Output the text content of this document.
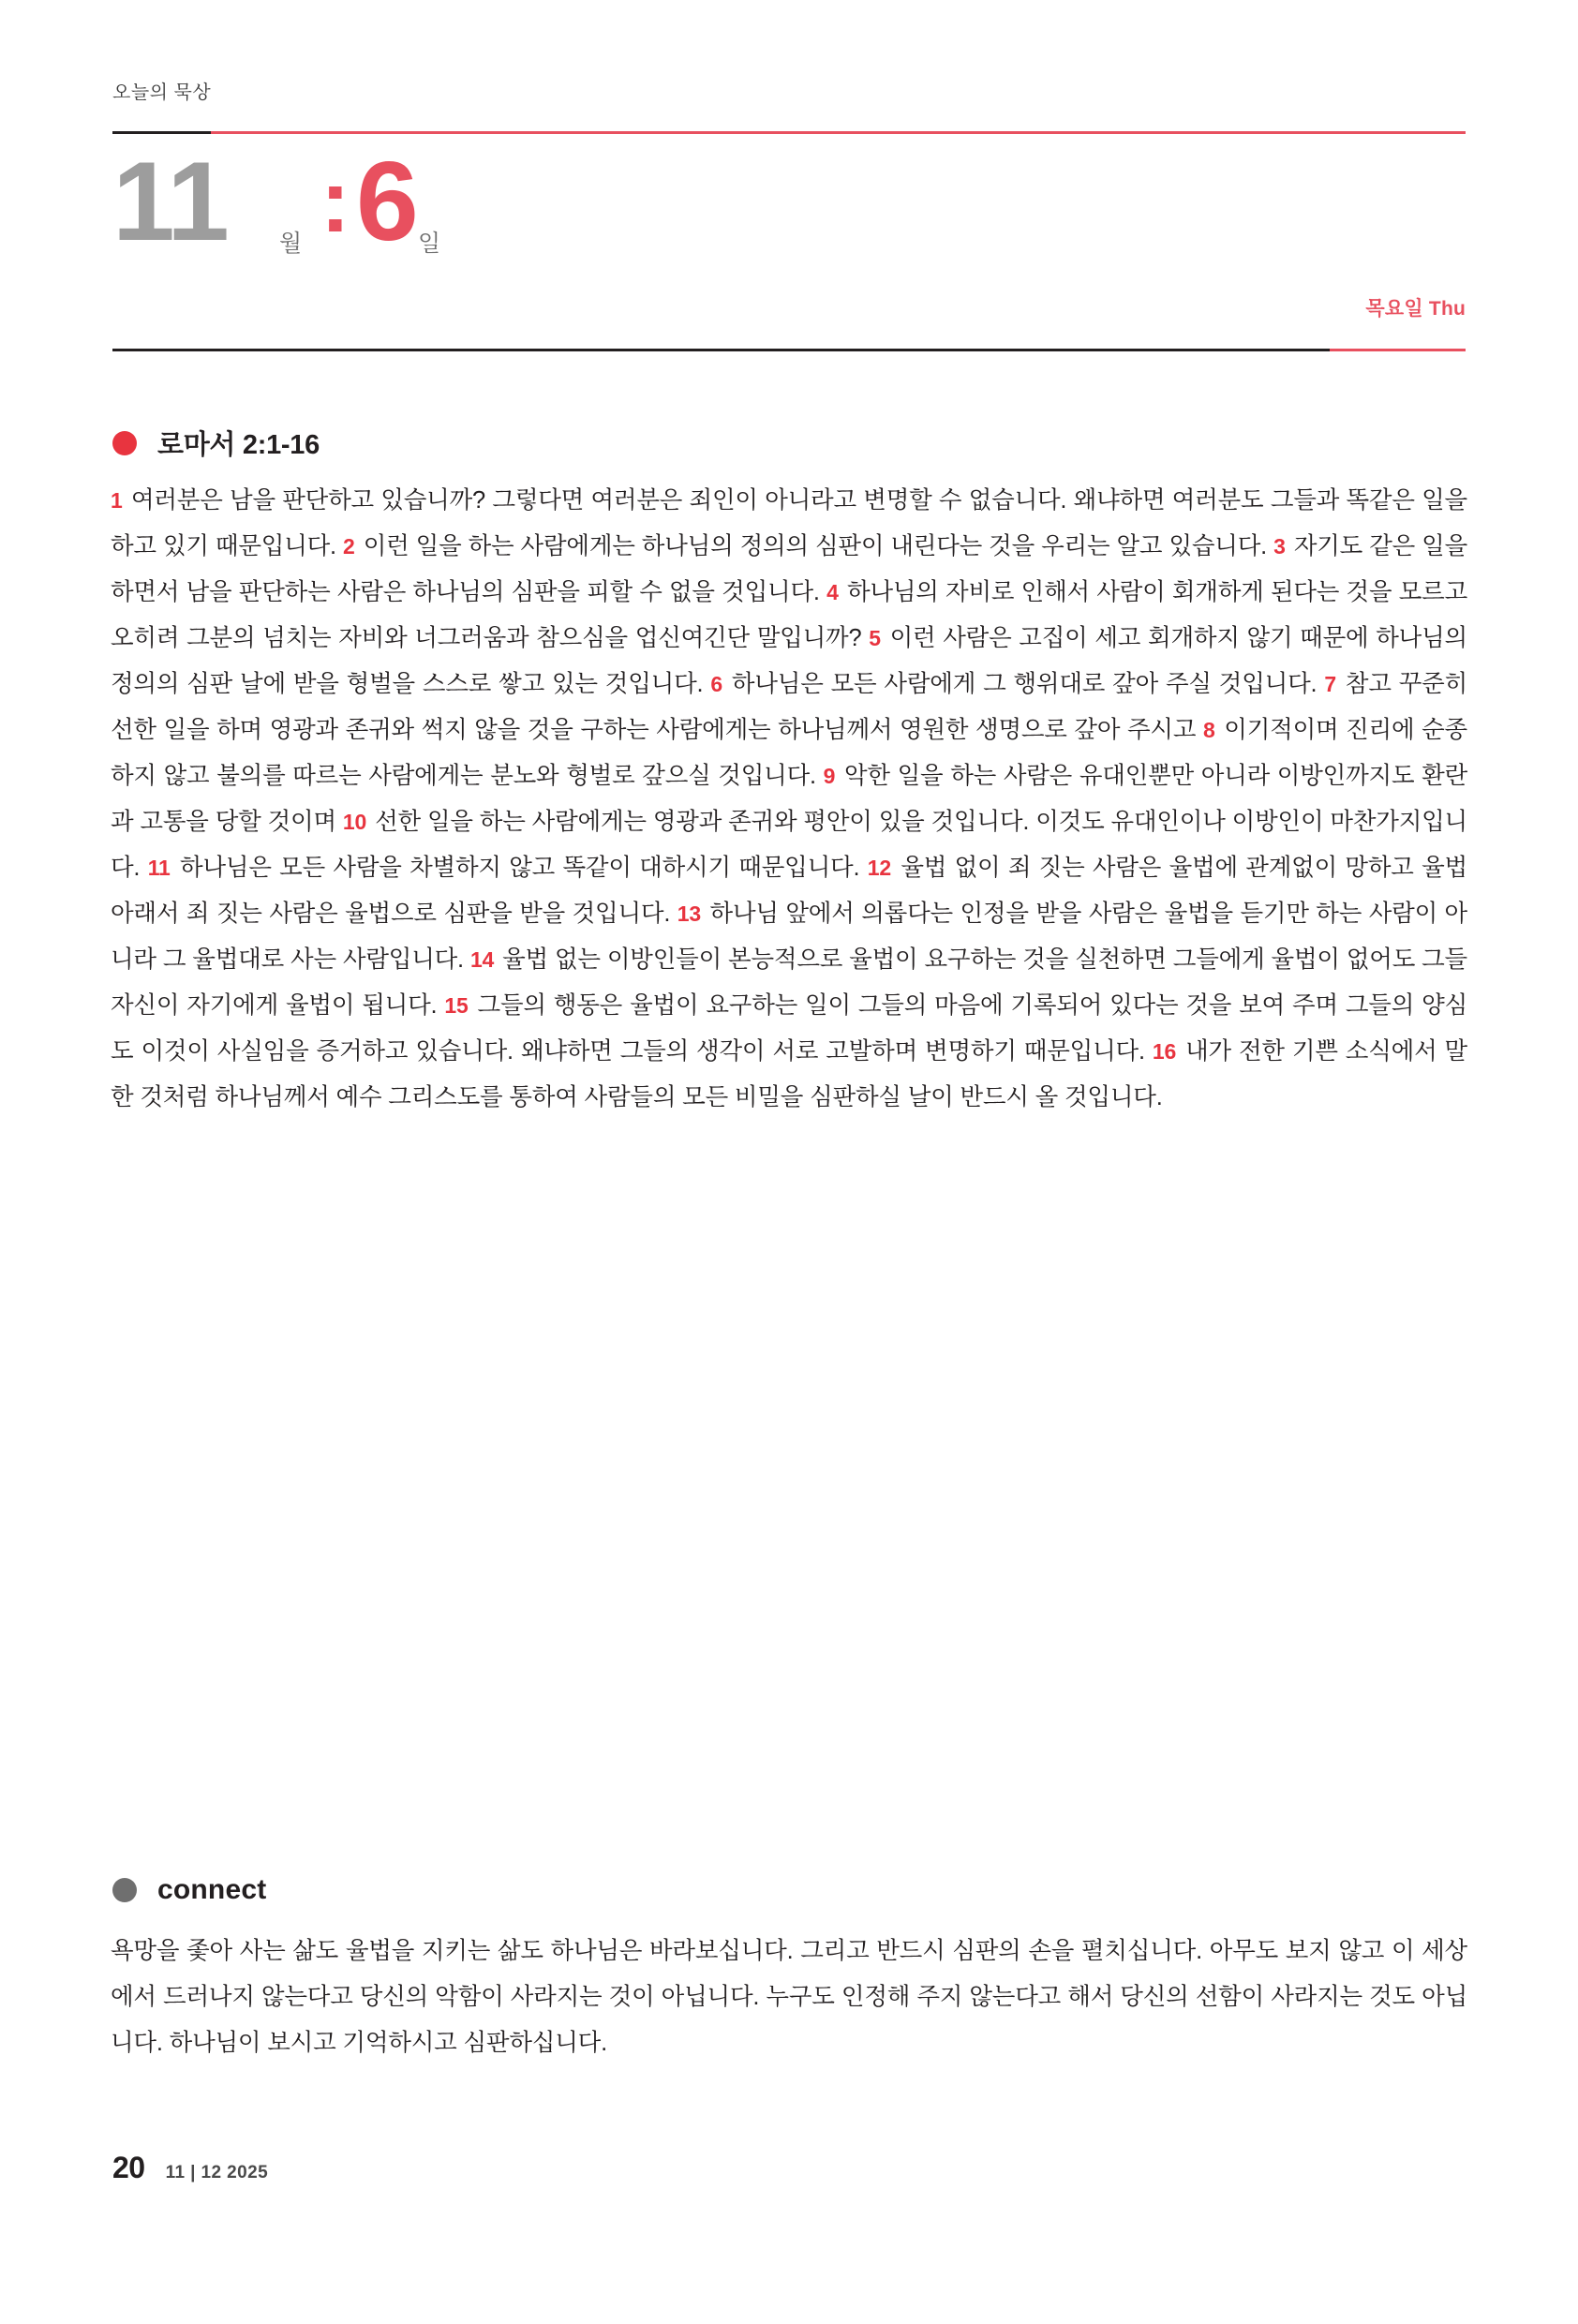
오늘의 묵상
11 월 : 6 일
목요일 Thu
로마서 2:1-16
1 여러분은 남을 판단하고 있습니까? 그렇다면 여러분은 죄인이 아니라고 변명할 수 없습니다. 왜냐하면 여러분도 그들과 똑같은 일을 하고 있기 때문입니다. 2 이런 일을 하는 사람에게는 하나님의 정의의 심판이 내린다는 것을 우리는 알고 있습니다. 3 자기도 같은 일을 하면서 남을 판단하는 사람은 하나님의 심판을 피할 수 없을 것입니다. 4 하나님의 자비로 인해서 사람이 회개하게 된다는 것을 모르고 오히려 그분의 넘치는 자비와 너그러움과 참으심을 업신여긴단 말입니까? 5 이런 사람은 고집이 세고 회개하지 않기 때문에 하나님의 정의의 심판 날에 받을 형벌을 스스로 쌓고 있는 것입니다. 6 하나님은 모든 사람에게 그 행위대로 갚아 주실 것입니다. 7 참고 꾸준히 선한 일을 하며 영광과 존귀와 썩지 않을 것을 구하는 사람에게는 하나님께서 영원한 생명으로 갚아 주시고 8 이기적이며 진리에 순종하지 않고 불의를 따르는 사람에게는 분노와 형벌로 갚으실 것입니다. 9 악한 일을 하는 사람은 유대인뿐만 아니라 이방인까지도 환란과 고통을 당할 것이며 10 선한 일을 하는 사람에게는 영광과 존귀와 평안이 있을 것입니다. 이것도 유대인이나 이방인이 마찬가지입니다. 11 하나님은 모든 사람을 차별하지 않고 똑같이 대하시기 때문입니다. 12 율법 없이 죄 짓는 사람은 율법에 관계없이 망하고 율법 아래서 죄 짓는 사람은 율법으로 심판을 받을 것입니다. 13 하나님 앞에서 의롭다는 인정을 받을 사람은 율법을 듣기만 하는 사람이 아니라 그 율법대로 사는 사람입니다. 14 율법 없는 이방인들이 본능적으로 율법이 요구하는 것을 실천하면 그들에게 율법이 없어도 그들 자신이 자기에게 율법이 됩니다. 15 그들의 행동은 율법이 요구하는 일이 그들의 마음에 기록되어 있다는 것을 보여 주며 그들의 양심도 이것이 사실임을 증거하고 있습니다. 왜냐하면 그들의 생각이 서로 고발하며 변명하기 때문입니다. 16 내가 전한 기쁜 소식에서 말한 것처럼 하나님께서 예수 그리스도를 통하여 사람들의 모든 비밀을 심판하실 날이 반드시 올 것입니다.
connect
욕망을 좇아 사는 삶도 율법을 지키는 삶도 하나님은 바라보십니다. 그리고 반드시 심판의 손을 펼치십니다. 아무도 보지 않고 이 세상에서 드러나지 않는다고 당신의 악함이 사라지는 것이 아닙니다. 누구도 인정해 주지 않는다고 해서 당신의 선함이 사라지는 것도 아닙니다. 하나님이 보시고 기억하시고 심판하십니다.
20 11 | 12 2025
